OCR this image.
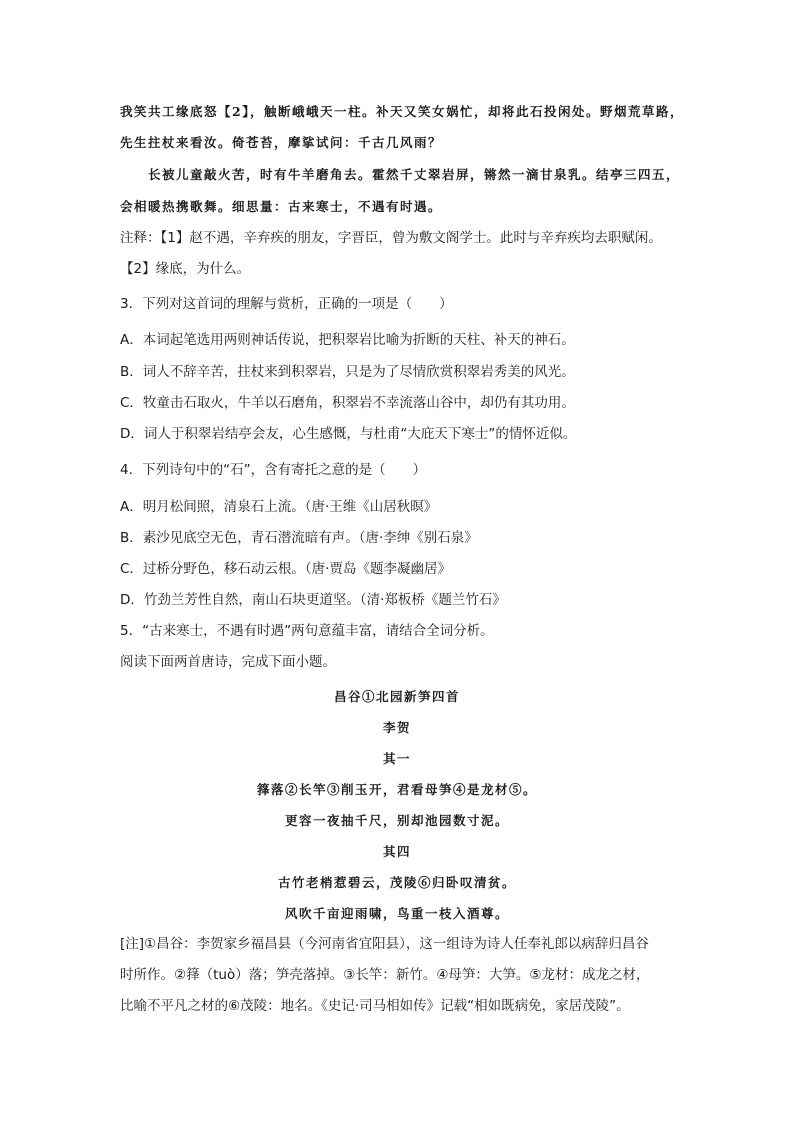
我笑共工缘底怒【2】，触断峨峨天一柱。补天又笑女娲忙，却将此石投闲处。野烟荒草路，
先生拄杖来看汝。倚苍苔，摩挲试问：千古几风雨？
长被儿童敲火苦，时有牛羊磨角去。霍然千丈翠岩屏，锵然一滴甘泉乳。结亭三四五，
会相暖热携歌舞。细思量：古来寒士，不遇有时遇。
注释：【1】赵不遇，辛弃疾的朋友，字晋臣，曾为敷文阁学士。此时与辛弃疾均去职赋闲。
【2】缘底，为什么。
3．下列对这首词的理解与赏析，正确的一项是（　　）
A．本词起笔选用两则神话传说，把积翠岩比喻为折断的天柱、补天的神石。
B．词人不辞辛苦，拄杖来到积翠岩，只是为了尽情欣赏积翠岩秀美的风光。
C．牧童击石取火，牛羊以石磨角，积翠岩不幸流落山谷中，却仍有其功用。
D．词人于积翠岩结亭会友，心生感慨，与杜甫“大庇天下寒士”的情怀近似。
4．下列诗句中的“石”，含有寄托之意的是（　　）
A．明月松间照，清泉石上流。（唐·王维《山居秋暝》
B．素沙见底空无色，青石潜流暗有声。（唐·李绅《别石泉》
C．过桥分野色，移石动云根。（唐·贾岛《题李凝幽居》
D．竹劲兰芳性自然，南山石块更道坚。（清·郑板桥《题兰竹石》
5．“古来寒士，不遇有时遇”两句意蕴丰富，请结合全词分析。
阅读下面两首唐诗，完成下面小题。
昌谷①北园新笋四首
李贺
其一
箨落②长竿③削玉开，君看母笋④是龙材⑤。
更容一夜抽千尺，别却池园数寸泥。
其四
古竹老梢惹碧云，茂陵⑥归卧叹清贫。
风吹千亩迎雨啸，鸟重一枝入酒尊。
[注]①昌谷：李贺家乡福昌县（今河南省宜阳县），这一组诗为诗人任奉礼郎以病辞归昌谷
时所作。②箨（tuò）落；笋壳落掉。③长竿：新竹。④母笋：大笋。⑤龙材：成龙之材，
比喻不平凡之材的⑥茂陵：地名。《史记·司马相如传》记载“相如既病免，家居茂陵”。
